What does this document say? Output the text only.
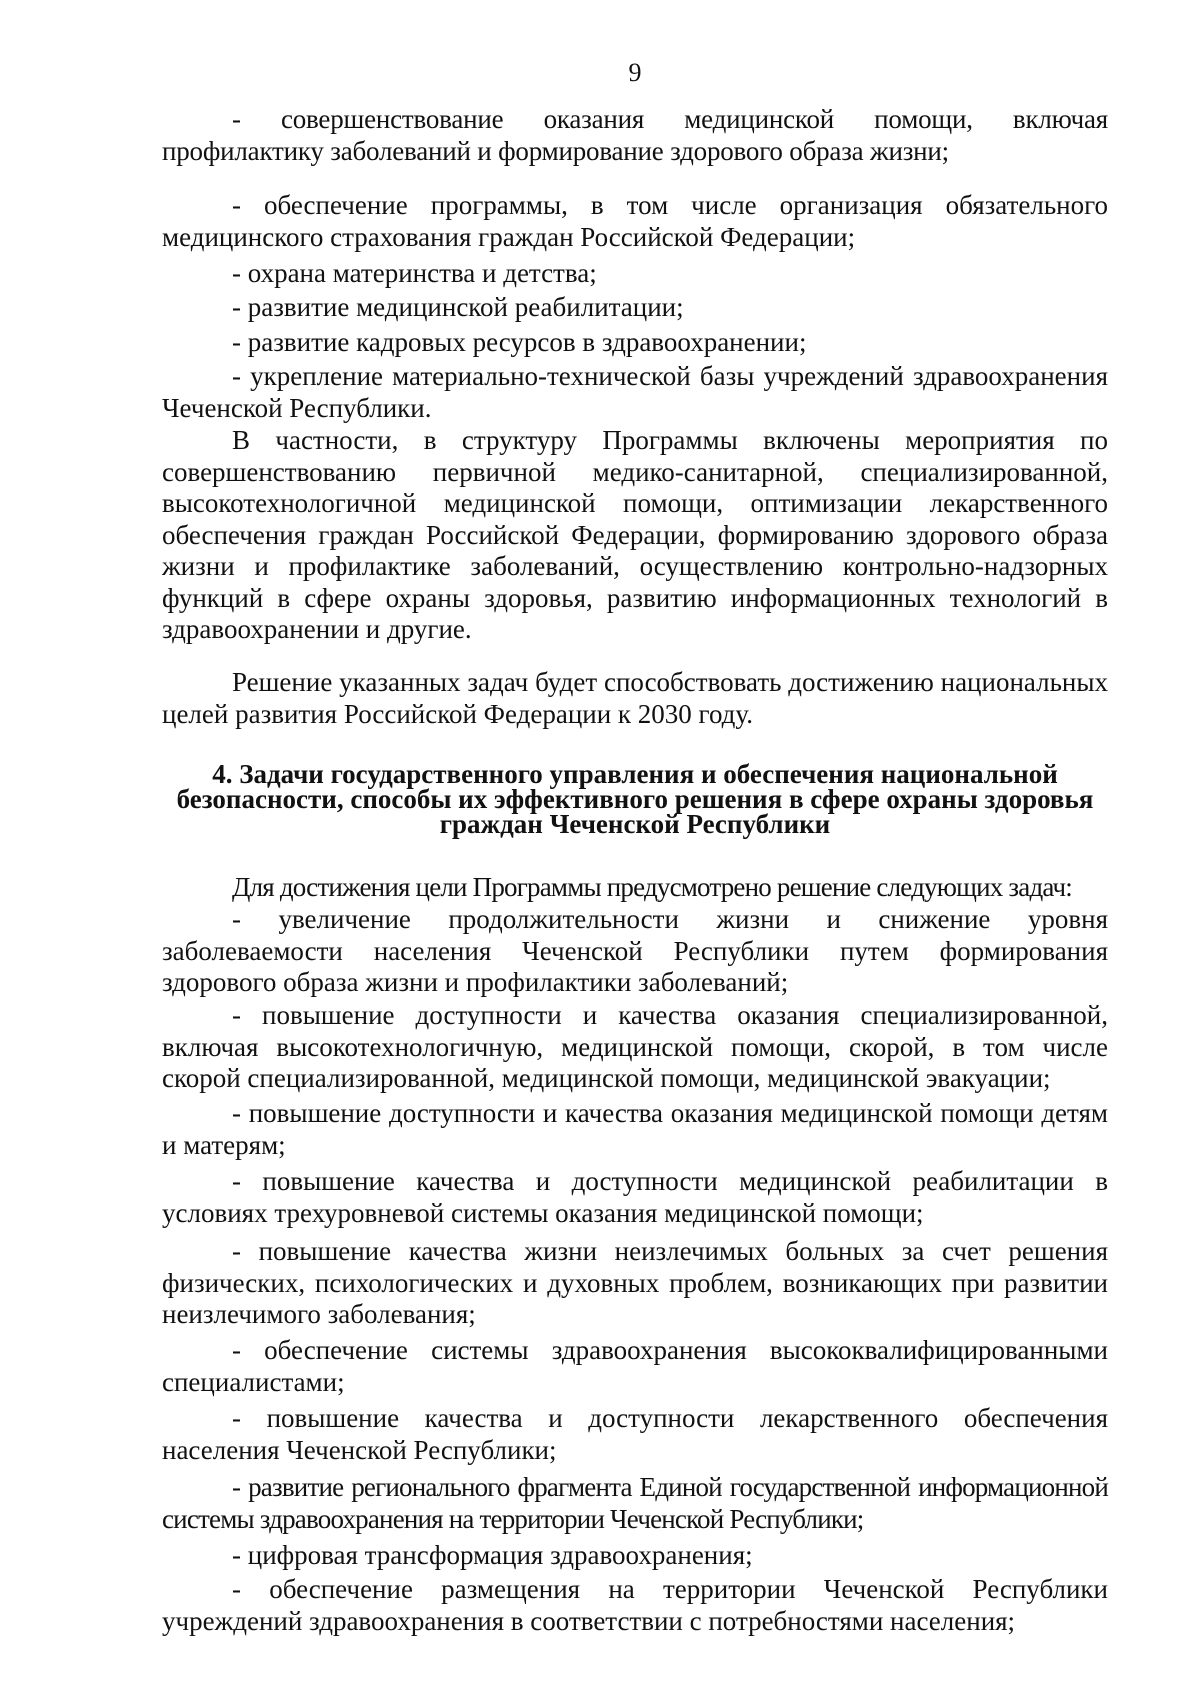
9

- совершенствование оказания медицинской помощи, включая профилактику заболеваний и формирование здорового образа жизни;

- обеспечение программы, в том числе организация обязательного медицинского страхования граждан Российской Федерации;

- охрана материнства и детства;

- развитие медицинской реабилитации;

- развитие кадровых ресурсов в здравоохранении;

- укрепление материально-технической базы учреждений здравоохранения Чеченской Республики.

В частности, в структуру Программы включены мероприятия по совершенствованию первичной медико-санитарной, специализированной, высокотехнологичной медицинской помощи, оптимизации лекарственного обеспечения граждан Российской Федерации, формированию здорового образа жизни и профилактике заболеваний, осуществлению контрольно-надзорных функций в сфере охраны здоровья, развитию информационных технологий в здравоохранении и другие.

Решение указанных задач будет способствовать достижению национальных целей развития Российской Федерации к 2030 году.

4. Задачи государственного управления и обеспечения национальной безопасности, способы их эффективного решения в сфере охраны здоровья граждан Чеченской Республики

Для достижения цели Программы предусмотрено решение следующих задач:

- увеличение продолжительности жизни и снижение уровня заболеваемости населения Чеченской Республики путем формирования здорового образа жизни и профилактики заболеваний;

- повышение доступности и качества оказания специализированной, включая высокотехнологичную, медицинской помощи, скорой, в том числе скорой специализированной, медицинской помощи, медицинской эвакуации;

- повышение доступности и качества оказания медицинской помощи детям и матерям;

- повышение качества и доступности медицинской реабилитации в условиях трехуровневой системы оказания медицинской помощи;

- повышение качества жизни неизлечимых больных за счет решения физических, психологических и духовных проблем, возникающих при развитии неизлечимого заболевания;

- обеспечение системы здравоохранения высококвалифицированными специалистами;

- повышение качества и доступности лекарственного обеспечения населения Чеченской Республики;

- развитие регионального фрагмента Единой государственной информационной системы здравоохранения на территории Чеченской Республики;

- цифровая трансформация здравоохранения;

- обеспечение размещения на территории Чеченской Республики учреждений здравоохранения в соответствии с потребностями населения;
